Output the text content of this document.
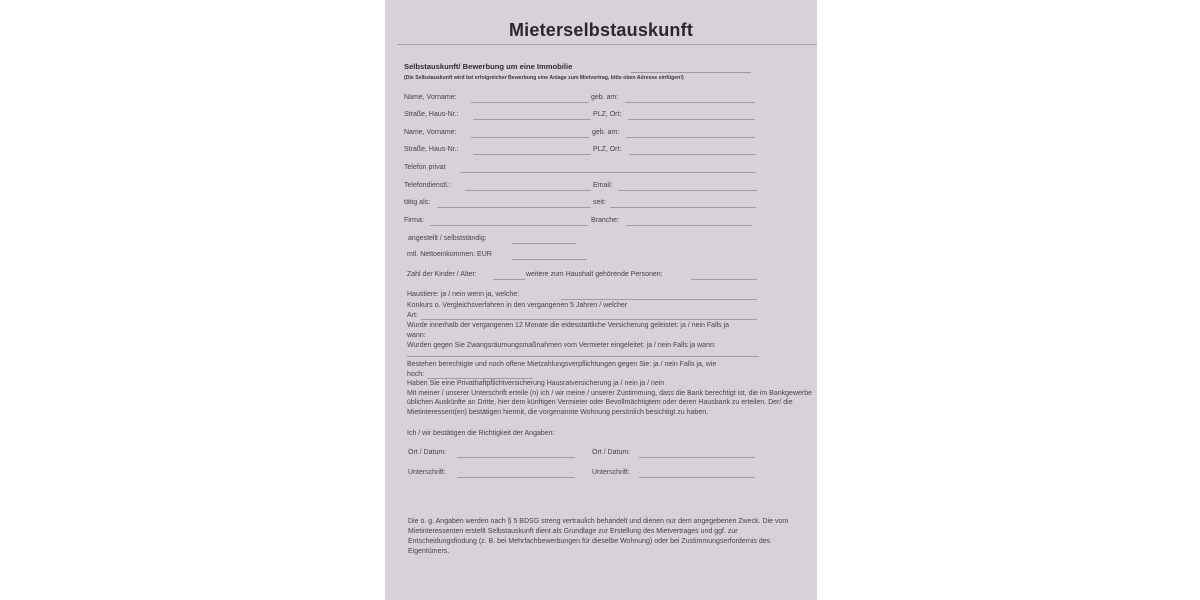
Mieterselbstauskunft
Selbstauskunft/ Bewerbung um eine Immobilie
(Die Selbstauskunft wird bei erfolgreicher Bewerbung eine Anlage zum Mietvertrag, bitte oben Adresse einfügen!)
Name, Vorname:	geb. am:
Straße, Haus-Nr.:	PLZ, Ort:
Name, Vorname:	geb. am:
Straße, Haus-Nr.:	PLZ, Ort:
Telefon privat
Telefondienstl.:	Email:
tätig als:	seit:
Firma:	Branche:
angestellt / selbstständig:
mtl. Nettoeinkommen: EUR
Zahl der Kinder / Alter:	weitere zum Haushalt gehörende Personen:
Haustiere: ja / nein wenn ja, welche:
Konkurs o. Vergleichsverfahren in den vergangenen 5 Jahren / welcher
Art:
Wurde innerhalb der vergangenen 12 Monate die eidesstattliche Versicherung geleistet: ja / nein Falls ja
wann:
Wurden gegen Sie Zwangsräumungsmaßnahmen vom Vermieter eingeleitet: ja / nein Falls ja wann:
Bestehen berechtigte und noch offene Mietzahlungsverpflichtungen gegen Sie: ja / nein Falls ja, wie
hoch:
Haben Sie eine Privathaftpflichtversicherung Hausratversicherung ja / nein ja / nein
Mit meiner / unserer Unterschrift erteile (n) ich / wir meine / unserer Zustimmung, dass die Bank berechtigt ist, die im Bankgewerbe üblichen Auskünfte an Dritte, hier dem künftigen Vermieter oder Bevollmächtigtem oder deren Hausbank zu erteilen. Der/ die Mietinteressent(en) bestätigen hiermit, die vorgenannte Wohnung persönlich besichtigt zu haben.
Ich / wir bestätigen die Richtigkeit der Angaben:
Ort / Datum:	Ort / Datum:
Unterschrift:	Unterschrift:
Die o. g. Angaben werden nach § 5 BDSG streng vertraulich behandelt und dienen nur dem angegebenen Zweck. Die vom Mietinteressenten erstellt Selbstauskunft dient als Grundlage zur Erstellung des Mietvertrages und ggf. zur Entscheidungsfindung (z. B. bei Mehrfachbewerbungen für dieselbe Wohnung) oder bei Zustimmungserfordernis des Eigentümers.
